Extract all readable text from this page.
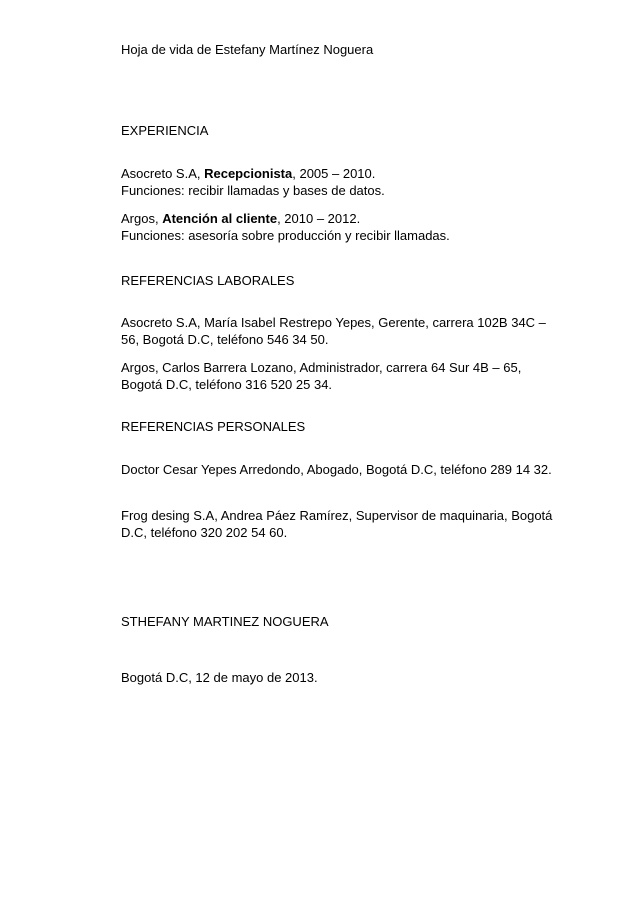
Hoja de vida de Estefany Martínez Noguera

EXPERIENCIA

Asocreto S.A, Recepcionista, 2005 – 2010.
Funciones: recibir llamadas y bases de datos.

Argos, Atención al cliente, 2010 – 2012.
Funciones: asesoría sobre producción y recibir llamadas.

REFERENCIAS LABORALES

Asocreto S.A, María Isabel Restrepo Yepes, Gerente, carrera 102B 34C – 56, Bogotá D.C, teléfono 546 34 50.

Argos, Carlos Barrera Lozano, Administrador, carrera 64 Sur 4B – 65, Bogotá D.C, teléfono 316 520 25 34.

REFERENCIAS PERSONALES

Doctor Cesar Yepes Arredondo, Abogado, Bogotá D.C, teléfono 289 14 32.

Frog desing S.A, Andrea Páez Ramírez, Supervisor de maquinaria, Bogotá D.C, teléfono 320 202 54 60.

STHEFANY MARTINEZ NOGUERA

Bogotá D.C, 12 de mayo de 2013.
